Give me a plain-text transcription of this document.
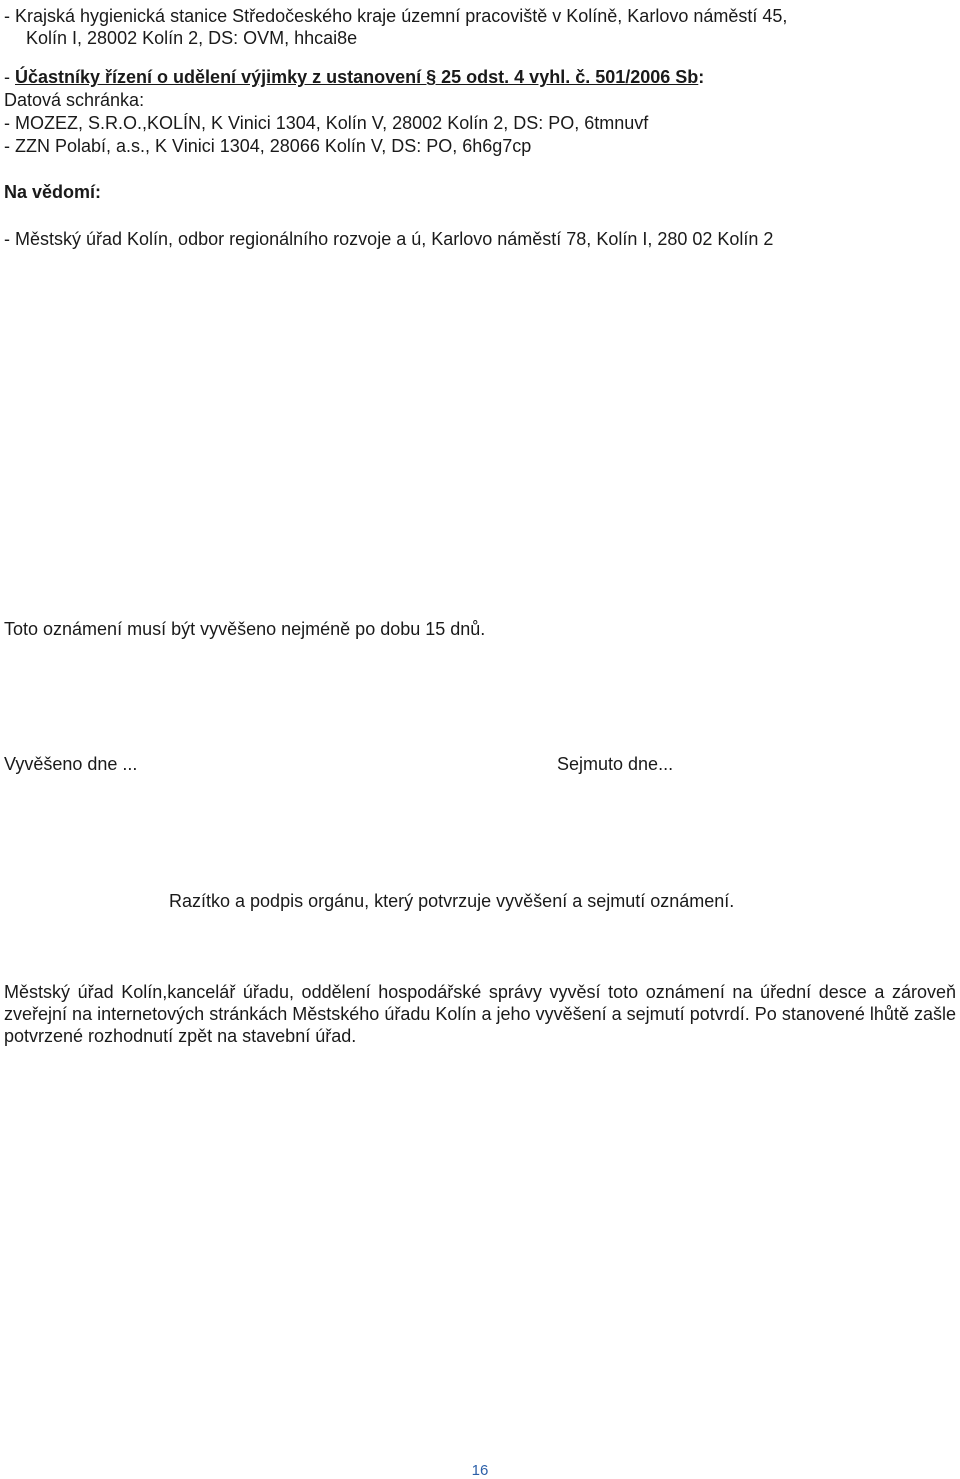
- Krajská hygienická stanice Středočeského kraje územní pracoviště v Kolíně, Karlovo náměstí 45,
Kolín I, 28002 Kolín 2, DS: OVM, hhcai8e
- Účastníky řízení o udělení výjimky z ustanovení § 25 odst. 4 vyhl. č. 501/2006 Sb:
Datová schránka:
- MOZEZ, S.R.O.,KOLÍN, K Vinici 1304, Kolín V, 28002 Kolín 2, DS: PO, 6tmnuvf
- ZZN Polabí, a.s., K Vinici 1304, 28066 Kolín V, DS: PO, 6h6g7cp
Na vědomí:
- Městský úřad Kolín, odbor regionálního rozvoje a ú, Karlovo náměstí 78, Kolín I, 280 02 Kolín 2
Toto oznámení musí být vyvěšeno nejméně po dobu 15 dnů.
Vyvěšeno dne ...	Sejmuto dne...
Razítko a podpis orgánu, který potvrzuje vyvěšení a sejmutí oznámení.
Městský úřad Kolín,kancelář úřadu, oddělení hospodářské správy vyvěsí toto oznámení na úřední desce a zároveň zveřejní na internetových stránkách Městského úřadu Kolín a jeho vyvěšení a sejmutí potvrdí. Po stanovené lhůtě zašle potvrzené rozhodnutí zpět na stavební úřad.
16
